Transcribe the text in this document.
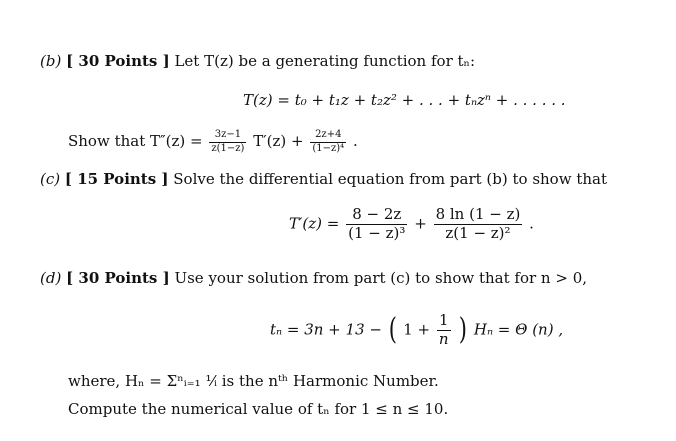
(b) [ 30 Points ] Let T(z) be a generating function for tₙ:
T(z) = t₀ + t₁z + t₂z² + . . . + tₙzⁿ + . . . . . .
Show that $T''(z) = \frac{3z-1}{z(1-z)} T'(z) + \frac{2z+4}{\text{(1−z)⁴}}$ .
(c) [ 15 Points ] Solve the differential equation from part (b) to show that
$T'(z) = \frac{8 - 2z}{\text{(1 − z)³}} + \frac{8 \ln (1 - z)}{\text{z(1 − z)²}}$ .
(d) [ 30 Points ] Use your solution from part (c) to show that for n > 0,
tₙ = 3n + 13 − ( $1 + \frac{1}{n}$ ) Hₙ = Θ (n) ,
where, Hₙ = Σⁿᵢ₌₁ ¹⁄ᵢ is the nᵗʰ Harmonic Number.
Compute the numerical value of tₙ for 1 ≤ n ≤ 10.
